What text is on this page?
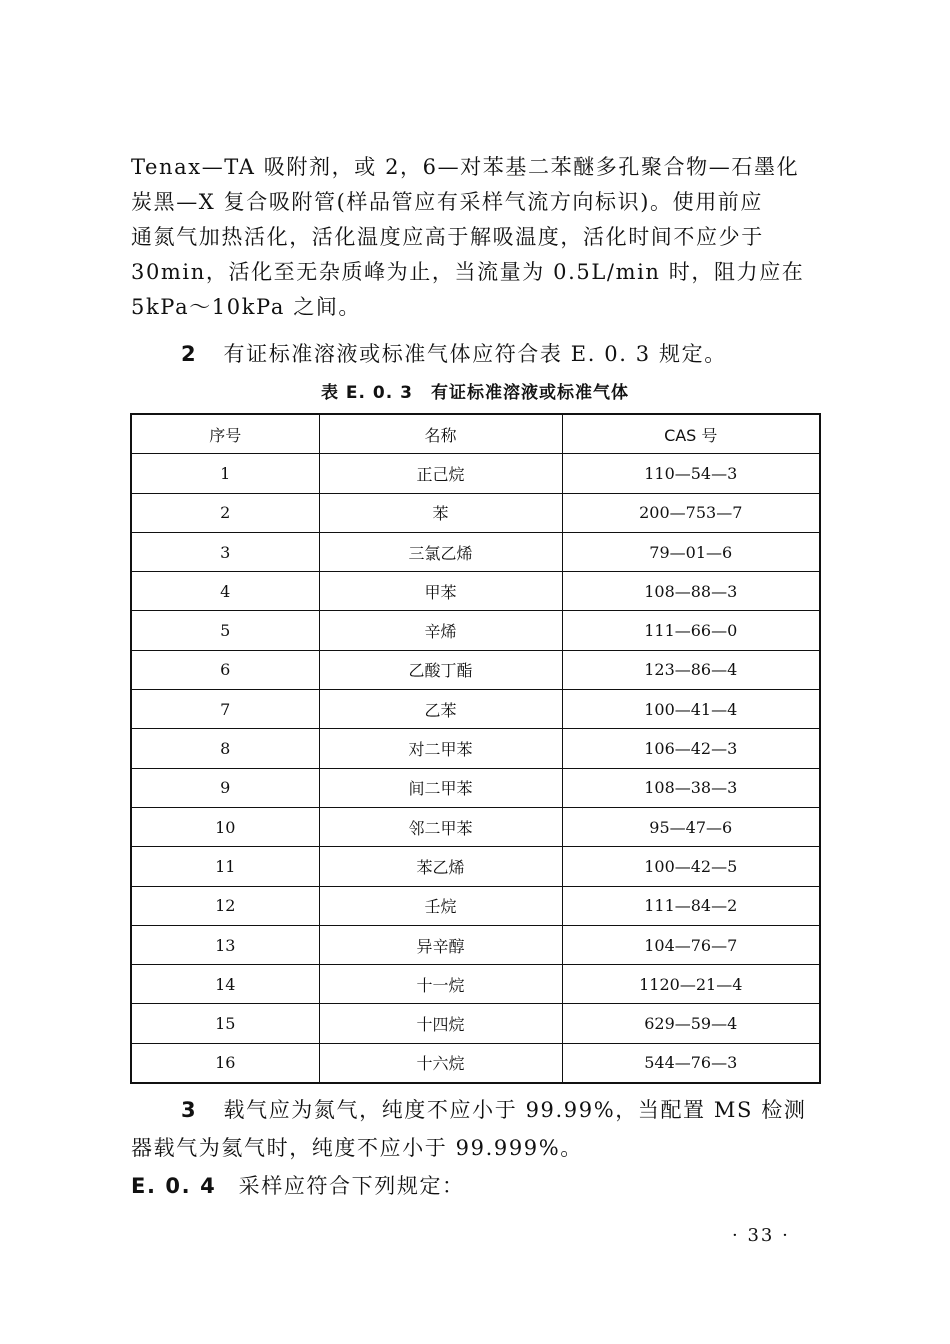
Tenax—TA 吸附剂，或 2，6—对苯基二苯醚多孔聚合物—石墨化
炭黑—X 复合吸附管(样品管应有采样气流方向标识)。使用前应
通氮气加热活化，活化温度应高于解吸温度，活化时间不应少于
30min，活化至无杂质峰为止，当流量为 0.5L/min 时，阻力应在
5kPa～10kPa 之间。
2 有证标准溶液或标准气体应符合表 E. 0. 3 规定。
表 E. 0. 3　有证标准溶液或标准气体
序号	名称	CAS 号
1	正己烷	110—54—3
2	苯	200—753—7
3	三氯乙烯	79—01—6
4	甲苯	108—88—3
5	辛烯	111—66—0
6	乙酸丁酯	123—86—4
7	乙苯	100—41—4
8	对二甲苯	106—42—3
9	间二甲苯	108—38—3
10	邻二甲苯	95—47—6
11	苯乙烯	100—42—5
12	壬烷	111—84—2
13	异辛醇	104—76—7
14	十一烷	1120—21—4
15	十四烷	629—59—4
16	十六烷	544—76—3
3 载气应为氮气，纯度不应小于 99.99%，当配置 MS 检测
器载气为氦气时，纯度不应小于 99.999%。
E. 0. 4 采样应符合下列规定：
· 33 ·
